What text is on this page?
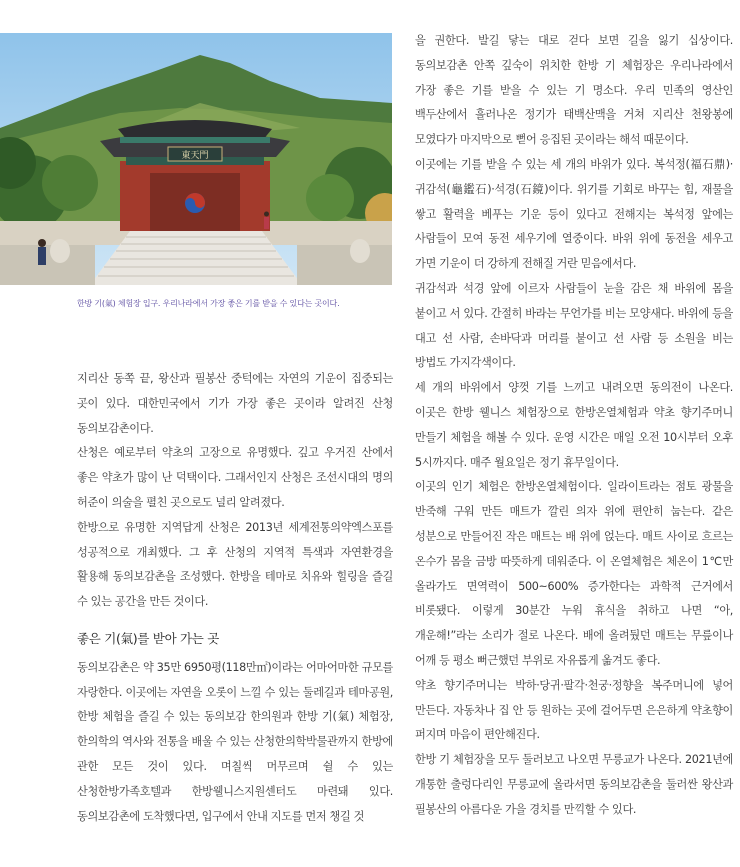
東天門
한방 기(氣) 체험장 입구. 우리나라에서 가장 좋은 기를 받을 수 있다는 곳이다.

지리산 동쪽 끝, 왕산과 필봉산 중턱에는 자연의 기운이 집중되는 곳이 있다. 대한민국에서 기가 가장 좋은 곳이라 알려진 산청 동의보감촌이다.

산청은 예로부터 약초의 고장으로 유명했다. 깊고 우거진 산에서 좋은 약초가 많이 난 덕택이다. 그래서인지 산청은 조선시대의 명의 허준이 의술을 펼친 곳으로도 널리 알려졌다.

한방으로 유명한 지역답게 산청은 2013년 세계전통의약엑스포를 성공적으로 개최했다. 그 후 산청의 지역적 특색과 자연환경을 활용해 동의보감촌을 조성했다. 한방을 테마로 치유와 힐링을 즐길 수 있는 공간을 만든 것이다.

좋은 기(氣)를 받아 가는 곳

동의보감촌은 약 35만 6950평(118만㎡)이라는 어마어마한 규모를 자랑한다. 이곳에는 자연을 오롯이 느낄 수 있는 둘레길과 테마공원, 한방 체험을 즐길 수 있는 동의보감 한의원과 한방 기(氣) 체험장, 한의학의 역사와 전통을 배울 수 있는 산청한의학박물관까지 한방에 관한 모든 것이 있다. 며칠씩 머무르며 쉴 수 있는 산청한방가족호텔과 한방웰니스지원센터도 마련돼 있다. 동의보감촌에 도착했다면, 입구에서 안내 지도를 먼저 챙길 것

을 권한다. 발길 닿는 대로 걷다 보면 길을 잃기 십상이다. 동의보감촌 안쪽 깊숙이 위치한 한방 기 체험장은 우리나라에서 가장 좋은 기를 받을 수 있는 기 명소다. 우리 민족의 영산인 백두산에서 흘러나온 정기가 태백산맥을 거쳐 지리산 천왕봉에 모였다가 마지막으로 뻗어 응집된 곳이라는 해석 때문이다.

이곳에는 기를 받을 수 있는 세 개의 바위가 있다. 복석정(福石鼎)·귀감석(龜鑑石)·석경(石鏡)이다. 위기를 기회로 바꾸는 힘, 재물을 쌓고 활력을 베푸는 기운 등이 있다고 전해지는 복석정 앞에는 사람들이 모여 동전 세우기에 열중이다. 바위 위에 동전을 세우고 가면 기운이 더 강하게 전해질 거란 믿음에서다.

귀감석과 석경 앞에 이르자 사람들이 눈을 감은 채 바위에 몸을 붙이고 서 있다. 간절히 바라는 무언가를 비는 모양새다. 바위에 등을 대고 선 사람, 손바닥과 머리를 붙이고 선 사람 등 소원을 비는 방법도 가지각색이다.

세 개의 바위에서 양껏 기를 느끼고 내려오면 동의전이 나온다. 이곳은 한방 웰니스 체험장으로 한방온열체험과 약초 향기주머니 만들기 체험을 해볼 수 있다. 운영 시간은 매일 오전 10시부터 오후 5시까지다. 매주 월요일은 정기 휴무일이다.

이곳의 인기 체험은 한방온열체험이다. 일라이트라는 점토 광물을 반죽해 구워 만든 매트가 깔린 의자 위에 편안히 눕는다. 같은 성분으로 만들어진 작은 매트는 배 위에 얹는다. 매트 사이로 흐르는 온수가 몸을 금방 따뜻하게 데워준다. 이 온열체험은 체온이 1℃만 올라가도 면역력이 500~600% 증가한다는 과학적 근거에서 비롯됐다. 이렇게 30분간 누워 휴식을 취하고 나면 “아, 개운해!”라는 소리가 절로 나온다. 배에 올려뒀던 매트는 무릎이나 어깨 등 평소 뻐근했던 부위로 자유롭게 옮겨도 좋다.

약초 향기주머니는 박하·당귀·팔각·천궁·정향을 복주머니에 넣어 만든다. 자동차나 집 안 등 원하는 곳에 걸어두면 은은하게 약초향이 퍼지며 마음이 편안해진다.

한방 기 체험장을 모두 둘러보고 나오면 무릉교가 나온다. 2021년에 개통한 출렁다리인 무릉교에 올라서면 동의보감촌을 둘러싼 왕산과 필봉산의 아름다운 가을 경치를 만끽할 수 있다.
